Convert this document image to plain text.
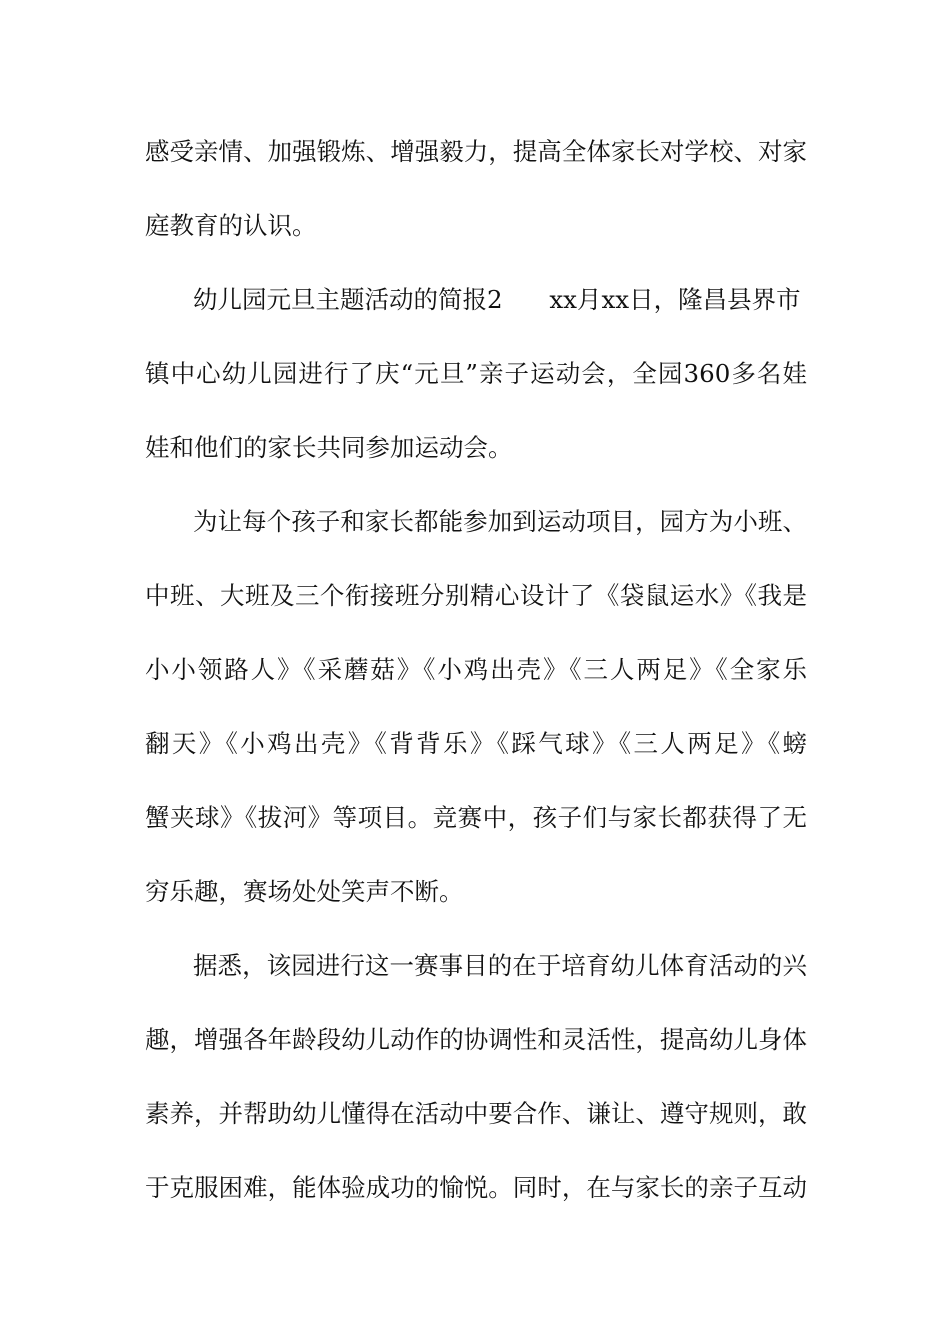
感受亲情、加强锻炼、增强毅力，提高全体家长对学校、对家
庭教育的认识。
幼儿园元旦主题活动的简报2      xx月xx日，隆昌县界市
镇中心幼儿园进行了庆“元旦”亲子运动会，全园360多名娃
娃和他们的家长共同参加运动会。
为让每个孩子和家长都能参加到运动项目，园方为小班、
中班、大班及三个衔接班分别精心设计了《袋鼠运水》《我是
小小领路人》《采蘑菇》《小鸡出壳》《三人两足》《全家乐
翻天》《小鸡出壳》《背背乐》《踩气球》《三人两足》《螃
蟹夹球》《拔河》等项目。竞赛中，孩子们与家长都获得了无
穷乐趣，赛场处处笑声不断。
据悉，该园进行这一赛事目的在于培育幼儿体育活动的兴
趣，增强各年龄段幼儿动作的协调性和灵活性，提高幼儿身体
素养，并帮助幼儿懂得在活动中要合作、谦让、遵守规则，敢
于克服困难，能体验成功的愉悦。同时，在与家长的亲子互动
